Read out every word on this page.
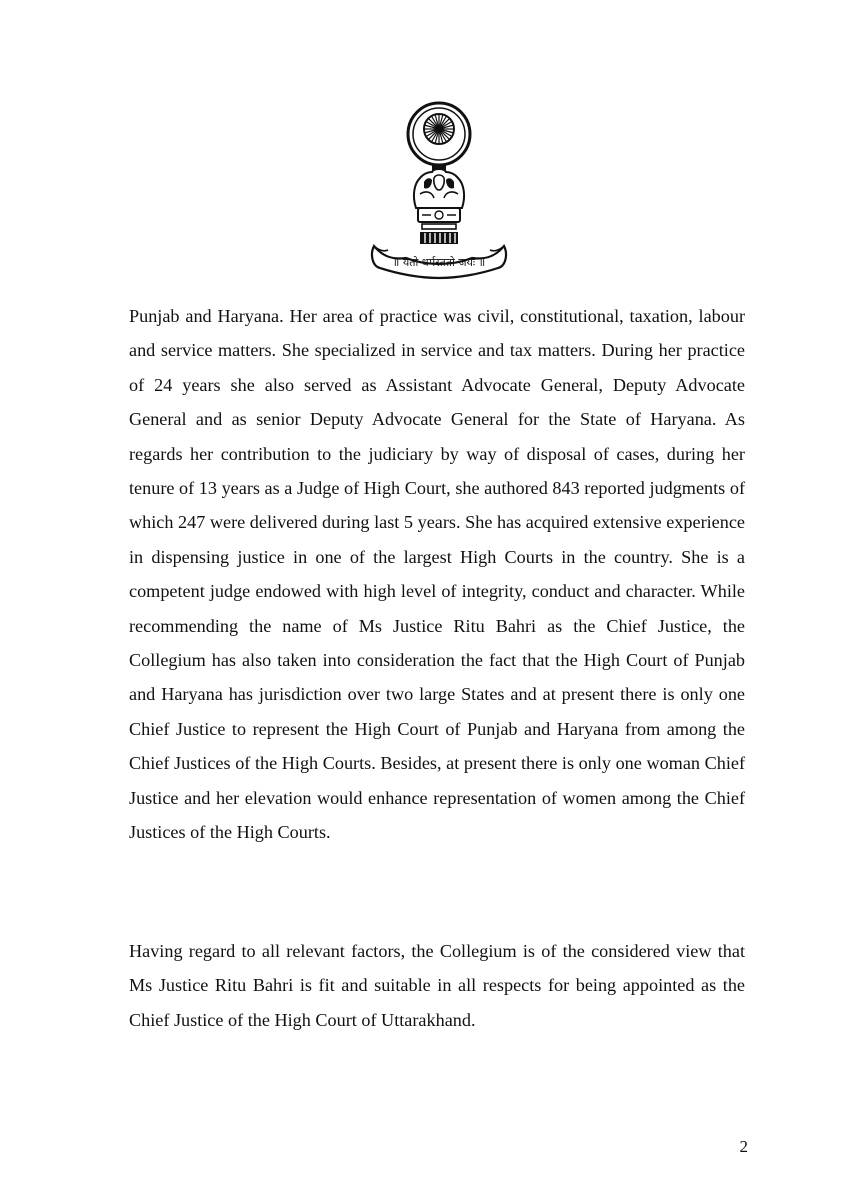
॥ यतो धर्मस्ततो जयः ॥

Punjab and Haryana. Her area of practice was civil, constitutional, taxation, labour and service matters. She specialized in service and tax matters. During her practice of 24 years she also served as Assistant Advocate General, Deputy Advocate General and as senior Deputy Advocate General for the State of Haryana. As regards her contribution to the judiciary by way of disposal of cases, during her tenure of 13 years as a Judge of High Court, she authored 843 reported judgments of which 247 were delivered during last 5 years. She has acquired extensive experience in dispensing justice in one of the largest High Courts in the country. She is a competent judge endowed with high level of integrity, conduct and character. While recommending the name of Ms Justice Ritu Bahri as the Chief Justice, the Collegium has also taken into consideration the fact that the High Court of Punjab and Haryana has jurisdiction over two large States and at present there is only one Chief Justice to represent the High Court of Punjab and Haryana from among the Chief Justices of the High Courts. Besides, at present there is only one woman Chief Justice and her elevation would enhance representation of women among the Chief Justices of the High Courts.

Having regard to all relevant factors, the Collegium is of the considered view that Ms Justice Ritu Bahri is fit and suitable in all respects for being appointed as the Chief Justice of the High Court of Uttarakhand.

2
